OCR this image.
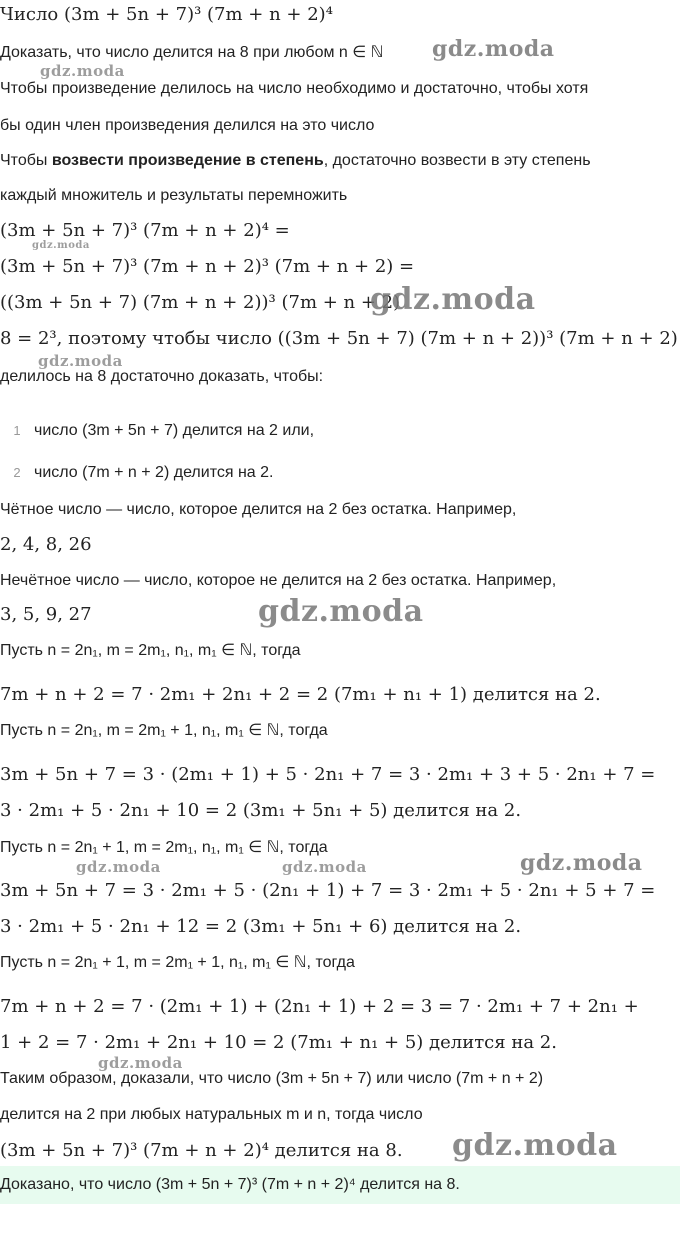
Число (3m + 5n + 7)³ (7m + n + 2)⁴
Доказать, что число делится на 8 при любом n ∈ ℕ
Чтобы произведение делилось на число необходимо и достаточно, чтобы хотя
бы один член произведения делился на это число
Чтобы возвести произведение в степень, достаточно возвести в эту степень
каждый множитель и результаты перемножить
(3m + 5n + 7)³ (7m + n + 2)⁴ =
(3m + 5n + 7)³ (7m + n + 2)³ (7m + n + 2) =
((3m + 5n + 7) (7m + n + 2))³ (7m + n + 2)
8 = 2³, поэтому чтобы число ((3m + 5n + 7) (7m + n + 2))³ (7m + n + 2)
делилось на 8 достаточно доказать, чтобы:
1 число (3m + 5n + 7) делится на 2 или,
2 число (7m + n + 2) делится на 2.
Чётное число — число, которое делится на 2 без остатка. Например,
2, 4, 8, 26
Нечётное число — число, которое не делится на 2 без остатка. Например,
3, 5, 9, 27
Пусть n = 2n₁, m = 2m₁, n₁, m₁ ∈ ℕ, тогда
7m + n + 2 = 7 · 2m₁ + 2n₁ + 2 = 2 (7m₁ + n₁ + 1) делится на 2.
Пусть n = 2n₁, m = 2m₁ + 1, n₁, m₁ ∈ ℕ, тогда
3m + 5n + 7 = 3 · (2m₁ + 1) + 5 · 2n₁ + 7 = 3 · 2m₁ + 3 + 5 · 2n₁ + 7 =
3 · 2m₁ + 5 · 2n₁ + 10 = 2 (3m₁ + 5n₁ + 5) делится на 2.
Пусть n = 2n₁ + 1, m = 2m₁, n₁, m₁ ∈ ℕ, тогда
3m + 5n + 7 = 3 · 2m₁ + 5 · (2n₁ + 1) + 7 = 3 · 2m₁ + 5 · 2n₁ + 5 + 7 =
3 · 2m₁ + 5 · 2n₁ + 12 = 2 (3m₁ + 5n₁ + 6) делится на 2.
Пусть n = 2n₁ + 1, m = 2m₁ + 1, n₁, m₁ ∈ ℕ, тогда
7m + n + 2 = 7 · (2m₁ + 1) + (2n₁ + 1) + 2 = 3 = 7 · 2m₁ + 7 + 2n₁ +
1 + 2 = 7 · 2m₁ + 2n₁ + 10 = 2 (7m₁ + n₁ + 5) делится на 2.
Таким образом, доказали, что число (3m + 5n + 7) или число (7m + n + 2)
делится на 2 при любых натуральных m и n, тогда число
(3m + 5n + 7)³ (7m + n + 2)⁴ делится на 8.
Доказано, что число (3m + 5n + 7)³ (7m + n + 2)⁴ делится на 8.
gdz.moda
gdz.moda
gdz.moda
gdz.moda
gdz.moda
gdz.moda
gdz.moda	gdz.moda	gdz.moda
gdz.moda
gdz.moda
